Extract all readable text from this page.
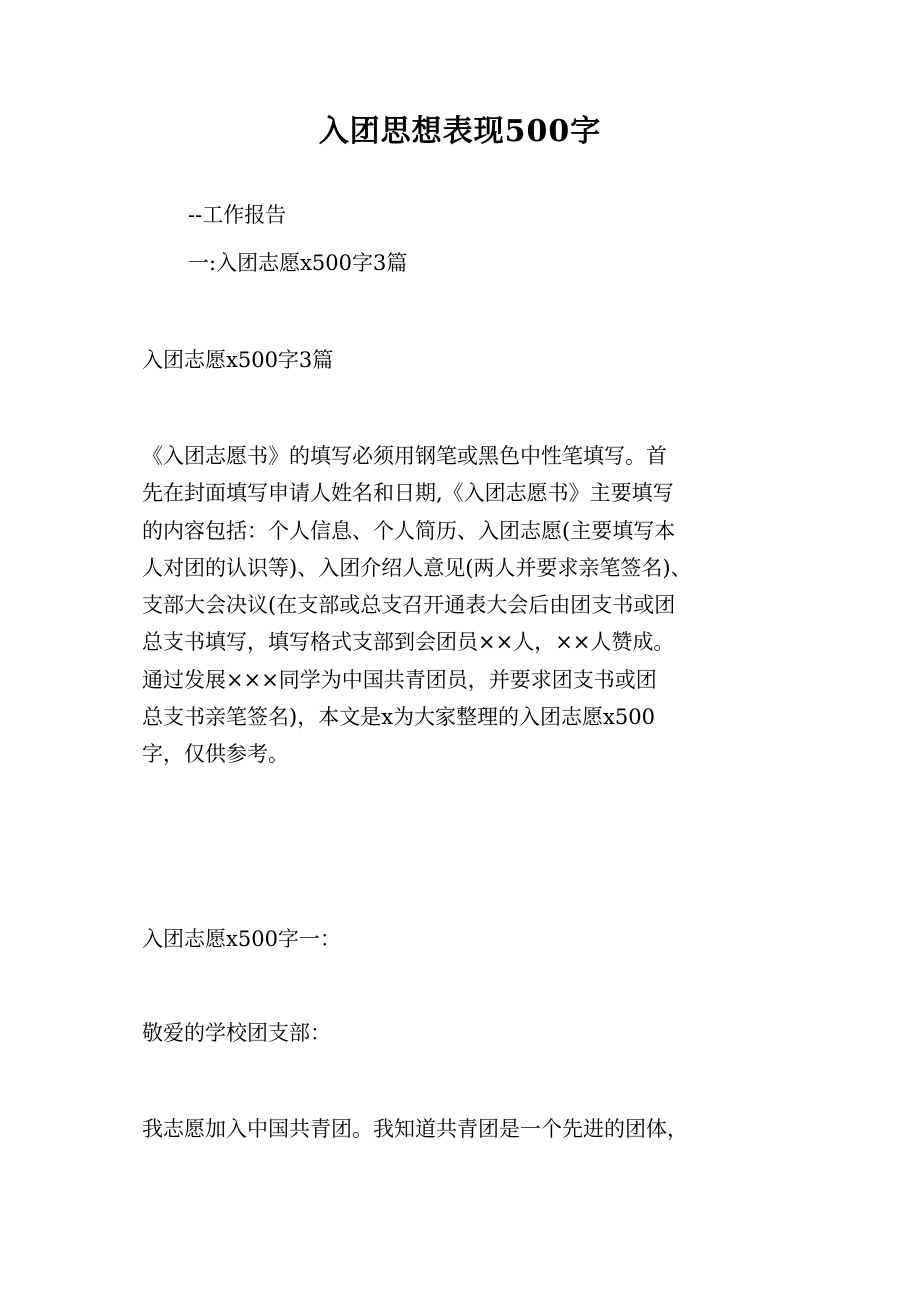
入团思想表现500字
--工作报告
一:入团志愿x500字3篇
入团志愿x500字3篇
《入团志愿书》的填写必须用钢笔或黑色中性笔填写。首
先在封面填写申请人姓名和日期,《入团志愿书》主要填写
的内容包括：个人信息、个人简历、入团志愿(主要填写本
人对团的认识等)、入团介绍人意见(两人并要求亲笔签名)、
支部大会决议(在支部或总支召开通表大会后由团支书或团
总支书填写，填写格式支部到会团员××人，××人赞成。
通过发展×××同学为中国共青团员，并要求团支书或团
总支书亲笔签名)，本文是x为大家整理的入团志愿x500
字，仅供参考。
入团志愿x500字一：
敬爱的学校团支部：
我志愿加入中国共青团。我知道共青团是一个先进的团体，
